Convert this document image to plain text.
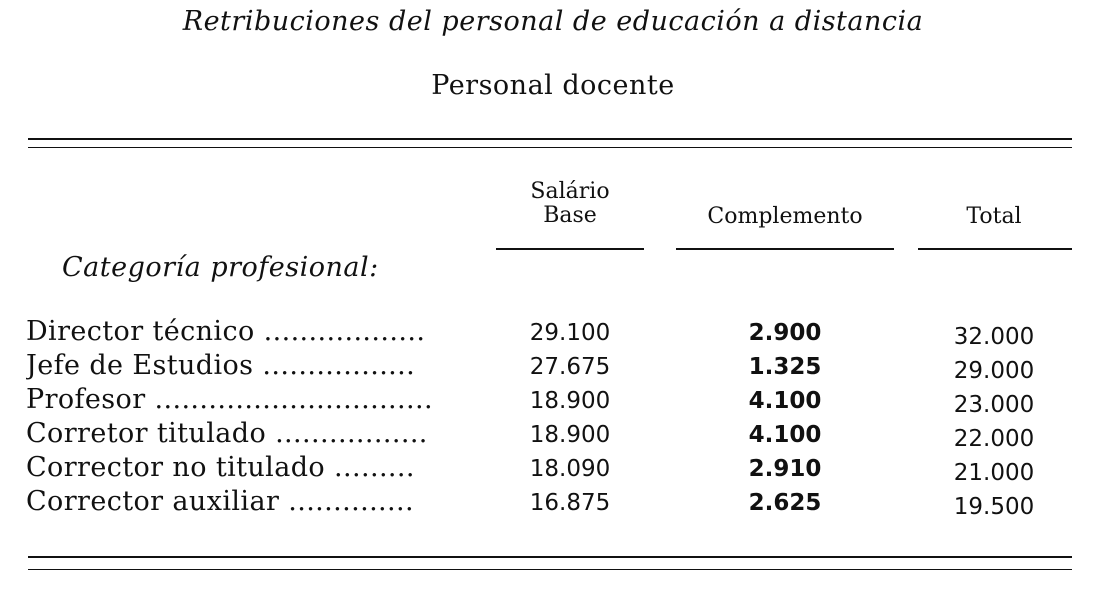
Retribuciones del personal de educación a distancia
Personal docente
Salário
Base	Complemento	Total
Categoría profesional:
Director técnico ..................	29.100	2.900	32.000
Jefe de Estudios .................	27.675	1.325	29.000
Profesor ...............................	18.900	4.100	23.000
Corretor titulado .................	18.900	4.100	22.000
Corrector no titulado .........	18.090	2.910	21.000
Corrector auxiliar ..............	16.875	2.625	19.500
